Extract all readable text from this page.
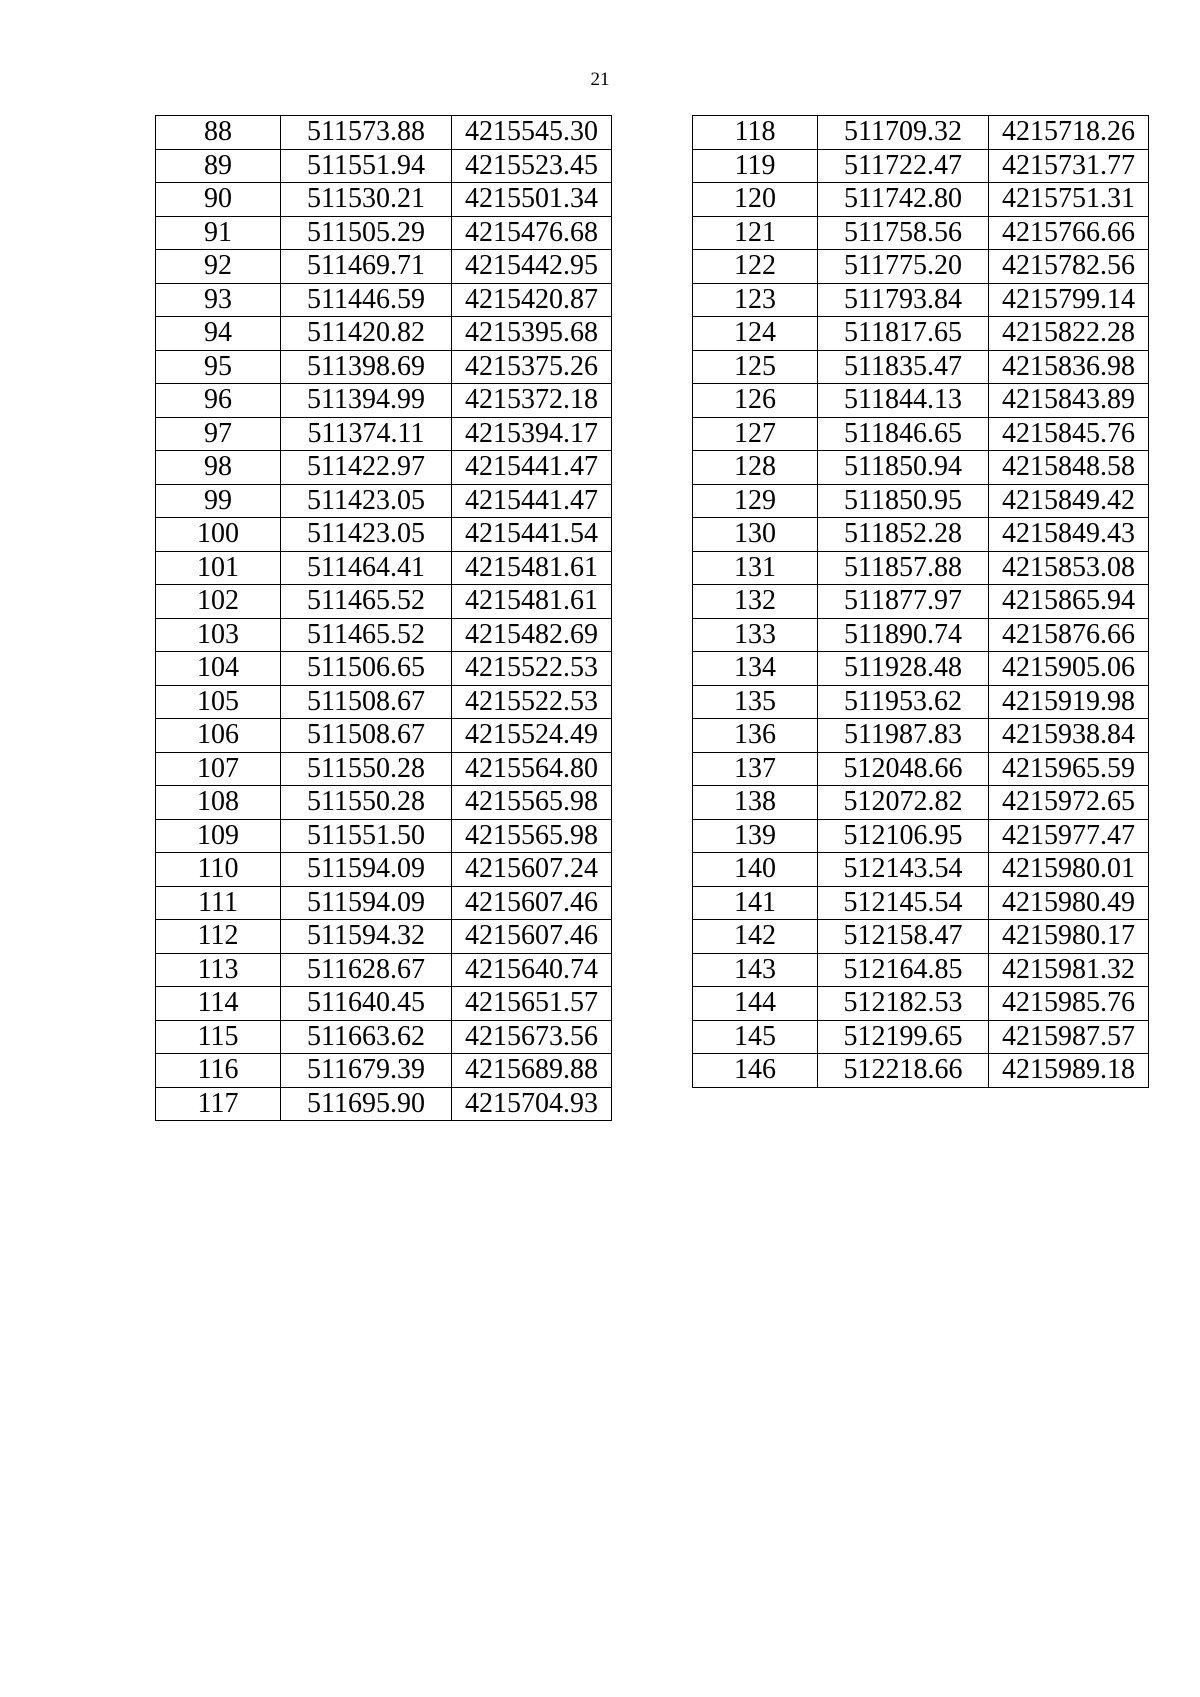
21
88	511573.88	4215545.30
89	511551.94	4215523.45
90	511530.21	4215501.34
91	511505.29	4215476.68
92	511469.71	4215442.95
93	511446.59	4215420.87
94	511420.82	4215395.68
95	511398.69	4215375.26
96	511394.99	4215372.18
97	511374.11	4215394.17
98	511422.97	4215441.47
99	511423.05	4215441.47
100	511423.05	4215441.54
101	511464.41	4215481.61
102	511465.52	4215481.61
103	511465.52	4215482.69
104	511506.65	4215522.53
105	511508.67	4215522.53
106	511508.67	4215524.49
107	511550.28	4215564.80
108	511550.28	4215565.98
109	511551.50	4215565.98
110	511594.09	4215607.24
111	511594.09	4215607.46
112	511594.32	4215607.46
113	511628.67	4215640.74
114	511640.45	4215651.57
115	511663.62	4215673.56
116	511679.39	4215689.88
117	511695.90	4215704.93
118	511709.32	4215718.26
119	511722.47	4215731.77
120	511742.80	4215751.31
121	511758.56	4215766.66
122	511775.20	4215782.56
123	511793.84	4215799.14
124	511817.65	4215822.28
125	511835.47	4215836.98
126	511844.13	4215843.89
127	511846.65	4215845.76
128	511850.94	4215848.58
129	511850.95	4215849.42
130	511852.28	4215849.43
131	511857.88	4215853.08
132	511877.97	4215865.94
133	511890.74	4215876.66
134	511928.48	4215905.06
135	511953.62	4215919.98
136	511987.83	4215938.84
137	512048.66	4215965.59
138	512072.82	4215972.65
139	512106.95	4215977.47
140	512143.54	4215980.01
141	512145.54	4215980.49
142	512158.47	4215980.17
143	512164.85	4215981.32
144	512182.53	4215985.76
145	512199.65	4215987.57
146	512218.66	4215989.18
